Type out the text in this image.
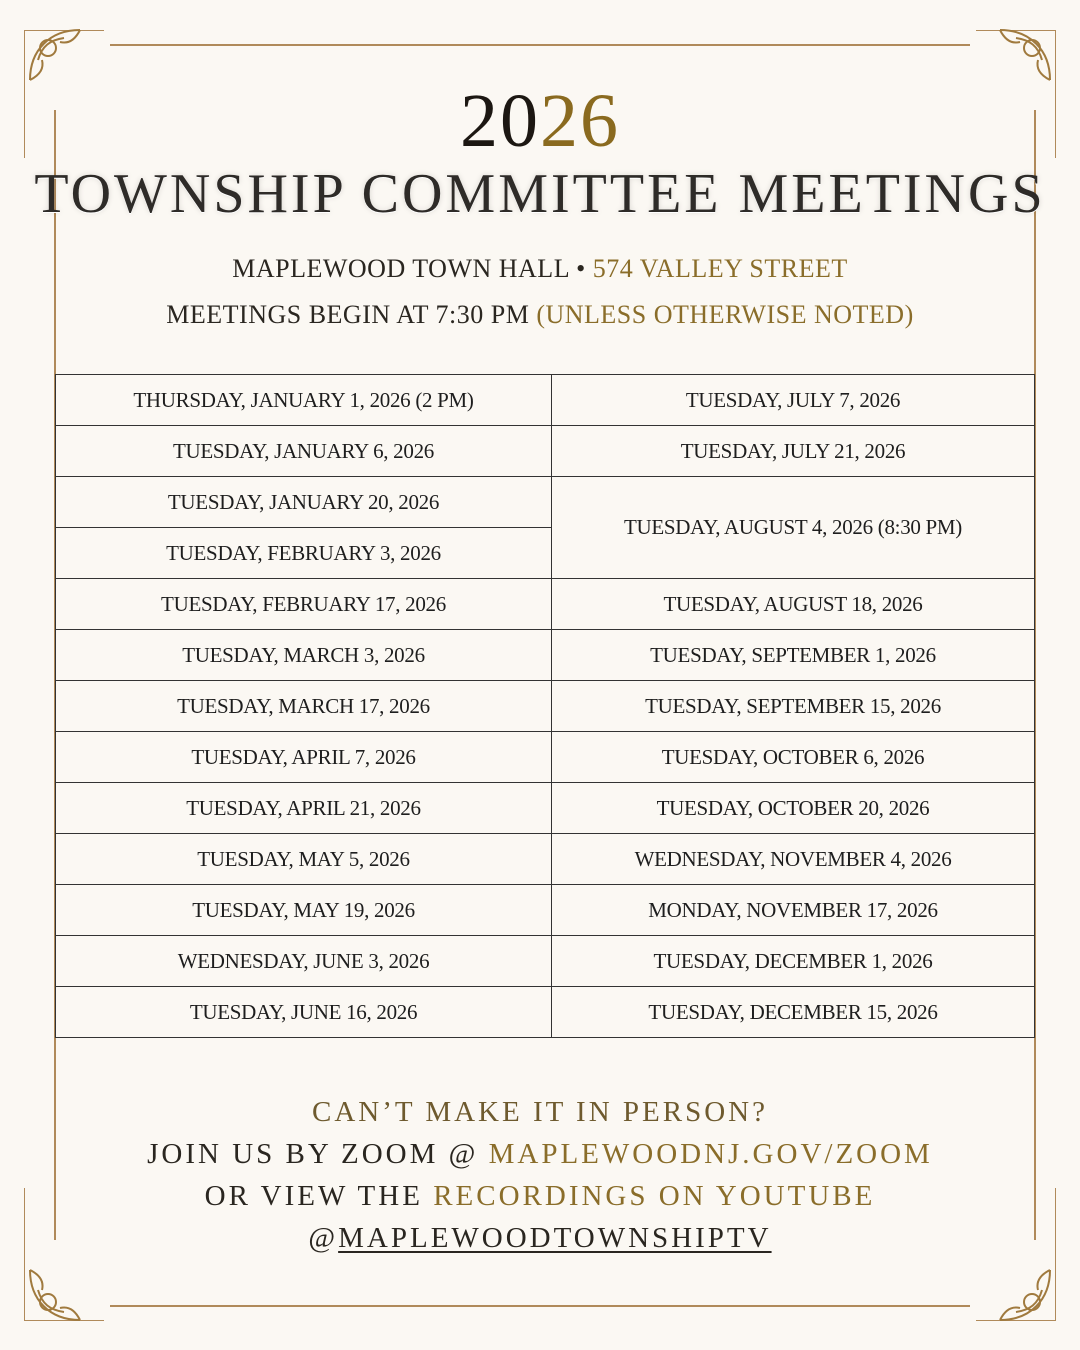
2026
TOWNSHIP COMMITTEE MEETINGS
MAPLEWOOD TOWN HALL • 574 VALLEY STREET
MEETINGS BEGIN AT 7:30 PM (UNLESS OTHERWISE NOTED)
THURSDAY, JANUARY 1, 2026 (2 PM)	TUESDAY, JULY 7, 2026
TUESDAY, JANUARY 6, 2026	TUESDAY, JULY 21, 2026
TUESDAY, JANUARY 20, 2026	TUESDAY, AUGUST 4, 2026 (8:30 PM)
TUESDAY, FEBRUARY 3, 2026	
TUESDAY, FEBRUARY 17, 2026	TUESDAY, AUGUST 18, 2026
TUESDAY, MARCH 3, 2026	TUESDAY, SEPTEMBER 1, 2026
TUESDAY, MARCH 17, 2026	TUESDAY, SEPTEMBER 15, 2026
TUESDAY, APRIL 7, 2026	TUESDAY, OCTOBER 6, 2026
TUESDAY, APRIL 21, 2026	TUESDAY, OCTOBER 20, 2026
TUESDAY, MAY 5, 2026	WEDNESDAY, NOVEMBER 4, 2026
TUESDAY, MAY 19, 2026	MONDAY, NOVEMBER 17, 2026
WEDNESDAY, JUNE 3, 2026	TUESDAY, DECEMBER 1, 2026
TUESDAY, JUNE 16, 2026	TUESDAY, DECEMBER 15, 2026
CAN’T MAKE IT IN PERSON?
JOIN US BY ZOOM @ MAPLEWOODNJ.GOV/ZOOM
OR VIEW THE RECORDINGS ON YOUTUBE
@MAPLEWOODTOWNSHIPTV
